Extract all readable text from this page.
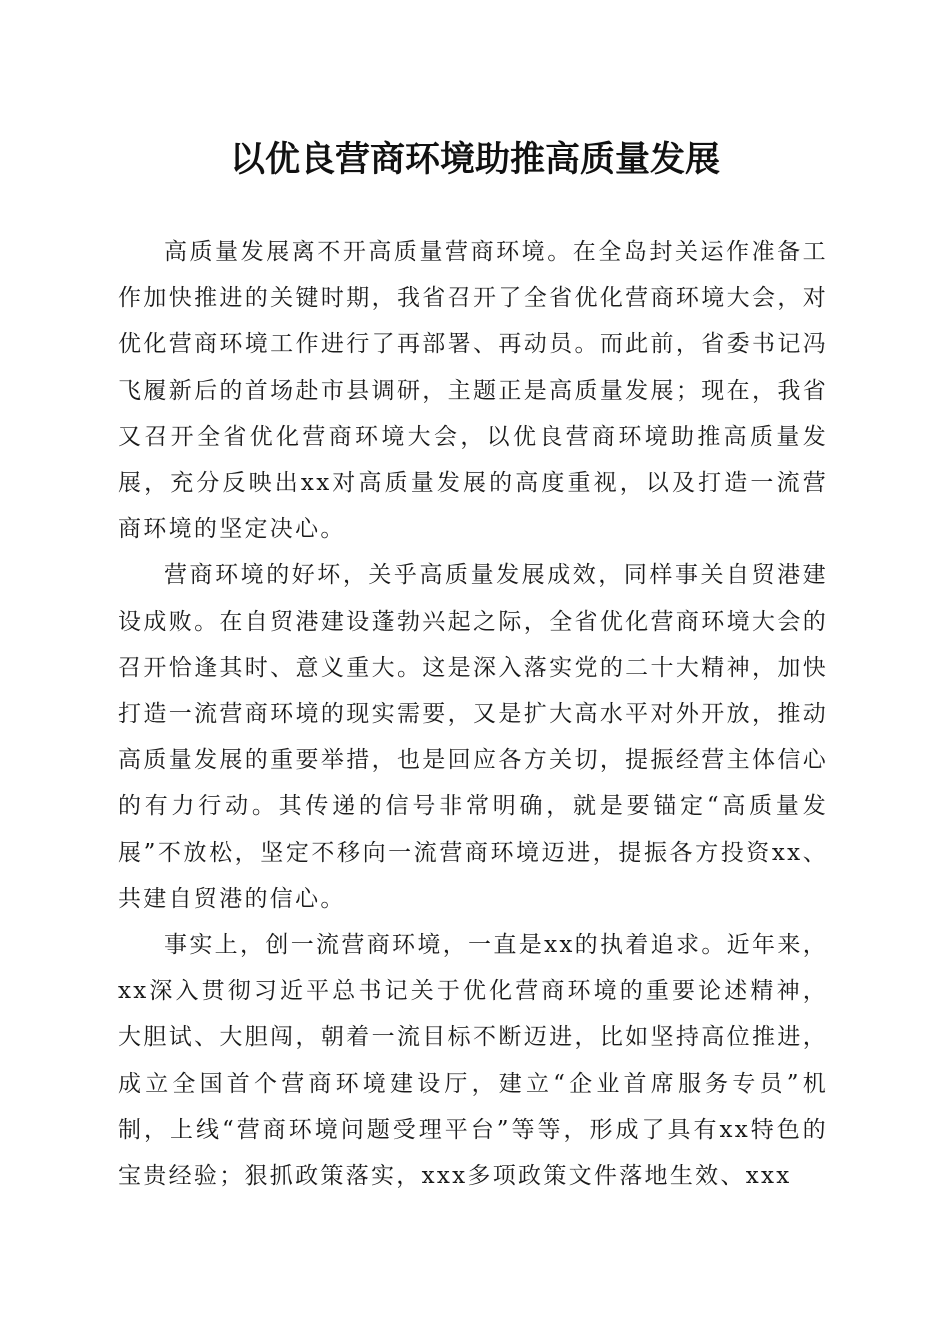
以优良营商环境助推高质量发展

高质量发展离不开高质量营商环境。在全岛封关运作准备工作加快推进的关键时期，我省召开了全省优化营商环境大会，对优化营商环境工作进行了再部署、再动员。而此前，省委书记冯飞履新后的首场赴市县调研，主题正是高质量发展；现在，我省又召开全省优化营商环境大会，以优良营商环境助推高质量发展，充分反映出xx对高质量发展的高度重视，以及打造一流营商环境的坚定决心。

营商环境的好坏，关乎高质量发展成效，同样事关自贸港建设成败。在自贸港建设蓬勃兴起之际，全省优化营商环境大会的召开恰逢其时、意义重大。这是深入落实党的二十大精神，加快打造一流营商环境的现实需要，又是扩大高水平对外开放，推动高质量发展的重要举措，也是回应各方关切，提振经营主体信心的有力行动。其传递的信号非常明确，就是要锚定“高质量发展”不放松，坚定不移向一流营商环境迈进，提振各方投资xx、共建自贸港的信心。

事实上，创一流营商环境，一直是xx的执着追求。近年来，xx深入贯彻习近平总书记关于优化营商环境的重要论述精神，大胆试、大胆闯，朝着一流目标不断迈进，比如坚持高位推进，成立全国首个营商环境建设厅，建立“企业首席服务专员”机制，上线“营商环境问题受理平台”等等，形成了具有xx特色的宝贵经验；狠抓政策落实，xxx多项政策文件落地生效、xxx
